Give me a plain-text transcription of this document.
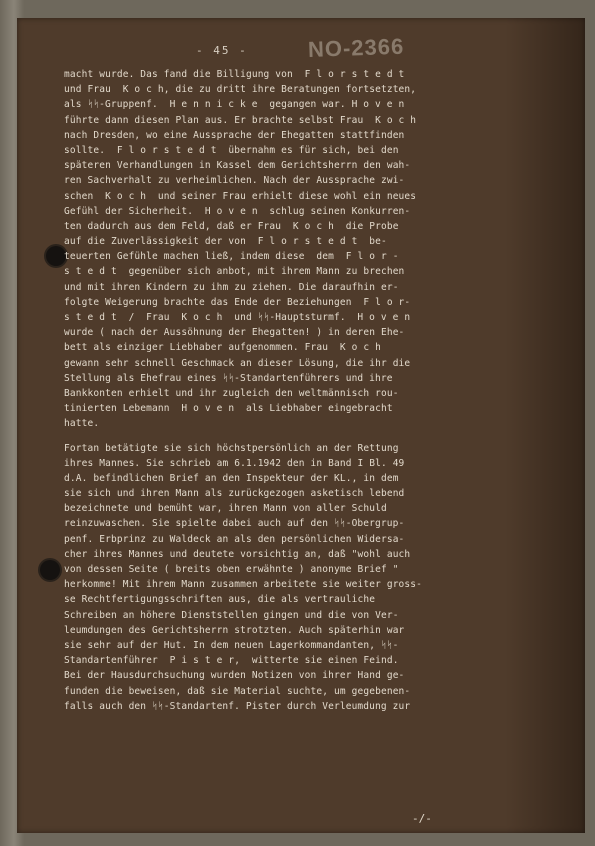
- 45 -	NO-2366
macht wurde. Das fand die Billigung von  F l o r s t e d t
und Frau  K o c h, die zu dritt ihre Beratungen fortsetzten,
als ᛋᛋ-Gruppenf.  H e n n i c k e  gegangen war. H o v e n
führte dann diesen Plan aus. Er brachte selbst Frau  K o c h
nach Dresden, wo eine Aussprache der Ehegatten stattfinden
sollte.  F l o r s t e d t  übernahm es für sich, bei den
späteren Verhandlungen in Kassel dem Gerichtsherrn den wah-
ren Sachverhalt zu verheimlichen. Nach der Aussprache zwi-
schen  K o c h  und seiner Frau erhielt diese wohl ein neues
Gefühl der Sicherheit.  H o v e n  schlug seinen Konkurren-
ten dadurch aus dem Feld, daß er Frau  K o c h  die Probe
auf die Zuverlässigkeit der von  F l o r s t e d t  be-
teuerten Gefühle machen ließ, indem diese  dem  F l o r -
s t e d t  gegenüber sich anbot, mit ihrem Mann zu brechen
und mit ihren Kindern zu ihm zu ziehen. Die daraufhin er-
folgte Weigerung brachte das Ende der Beziehungen  F l o r-
s t e d t  /  Frau  K o c h  und ᛋᛋ-Hauptsturmf.  H o v e n
wurde ( nach der Aussöhnung der Ehegatten! ) in deren Ehe-
bett als einziger Liebhaber aufgenommen. Frau  K o c h
gewann sehr schnell Geschmack an dieser Lösung, die ihr die
Stellung als Ehefrau eines ᛋᛋ-Standartenführers und ihre
Bankkonten erhielt und ihr zugleich den weltmännisch rou-
tinierten Lebemann  H o v e n  als Liebhaber eingebracht
hatte.
Fortan betätigte sie sich höchstpersönlich an der Rettung
ihres Mannes. Sie schrieb am 6.1.1942 den in Band I Bl. 49
d.A. befindlichen Brief an den Inspekteur der KL., in dem
sie sich und ihren Mann als zurückgezogen asketisch lebend
bezeichnete und bemüht war, ihren Mann von aller Schuld
reinzuwaschen. Sie spielte dabei auch auf den ᛋᛋ-Obergrup-
penf. Erbprinz zu Waldeck an als den persönlichen Widersa-
cher ihres Mannes und deutete vorsichtig an, daß "wohl auch
von dessen Seite ( breits oben erwähnte ) anonyme Brief "
herkomme! Mit ihrem Mann zusammen arbeitete sie weiter gross-
se Rechtfertigungsschriften aus, die als vertrauliche
Schreiben an höhere Dienststellen gingen und die von Ver-
leumdungen des Gerichtsherrn strotzten. Auch späterhin war
sie sehr auf der Hut. In dem neuen Lagerkommandanten, ᛋᛋ-
Standartenführer  P i s t e r,  witterte sie einen Feind.
Bei der Hausdurchsuchung wurden Notizen von ihrer Hand ge-
funden die beweisen, daß sie Material suchte, um gegebenen-
falls auch den ᛋᛋ-Standartenf. Pister durch Verleumdung zur
-/-
